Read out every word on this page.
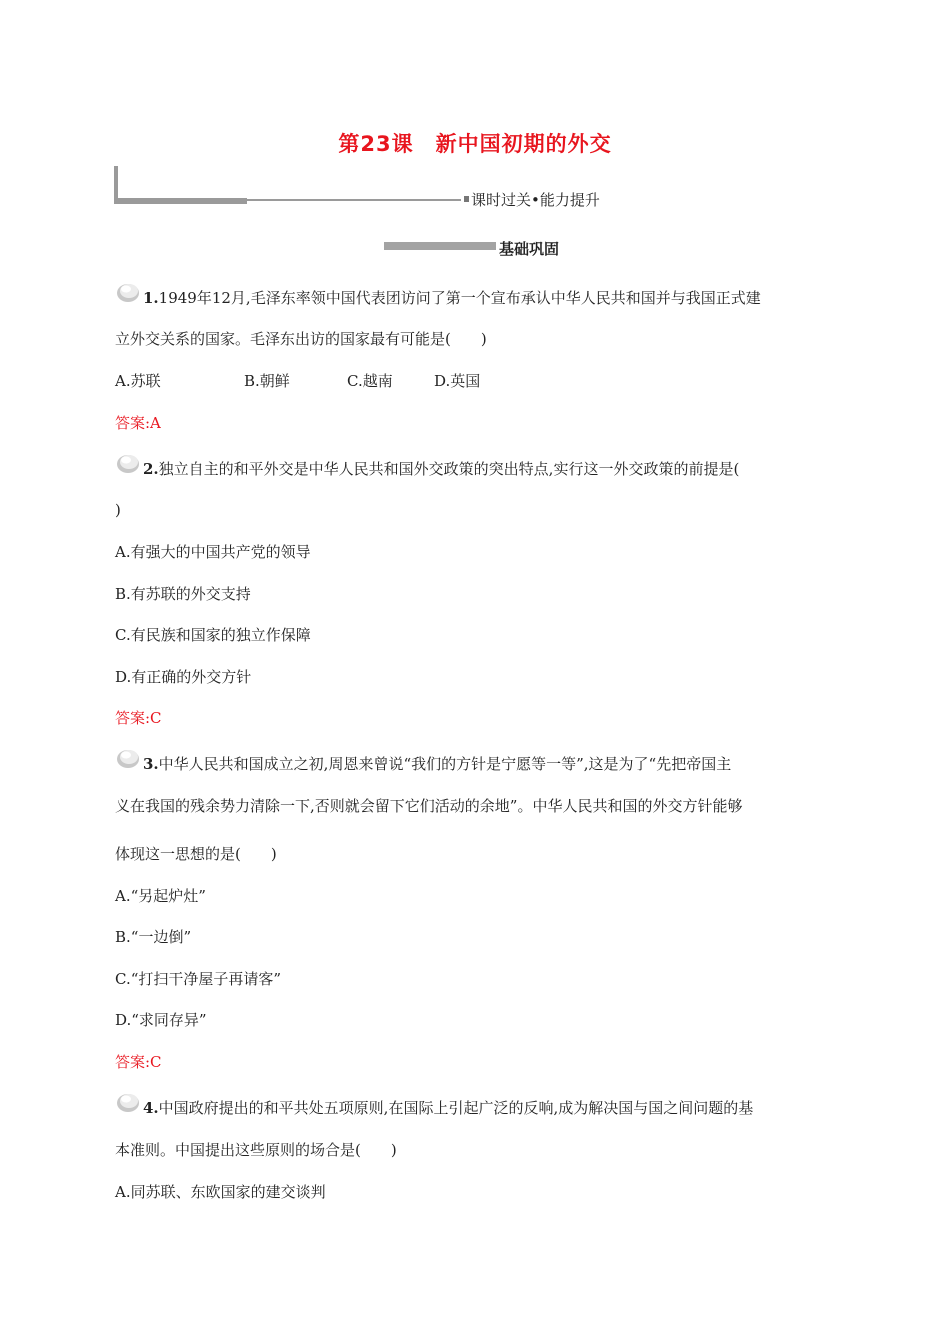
第23课　新中国初期的外交
课时过关•能力提升
基础巩固
1.1949年12月,毛泽东率领中国代表团访问了第一个宣布承认中华人民共和国并与我国正式建
立外交关系的国家。毛泽东出访的国家最有可能是(　　)
A.苏联	B.朝鲜	C.越南	D.英国
答案:A
2.独立自主的和平外交是中华人民共和国外交政策的突出特点,实行这一外交政策的前提是(
)
A.有强大的中国共产党的领导
B.有苏联的外交支持
C.有民族和国家的独立作保障
D.有正确的外交方针
答案:C
3.中华人民共和国成立之初,周恩来曾说“我们的方针是宁愿等一等”,这是为了“先把帝国主
义在我国的残余势力清除一下,否则就会留下它们活动的余地”。中华人民共和国的外交方针能够
体现这一思想的是(　　)
A.“另起炉灶”
B.“一边倒”
C.“打扫干净屋子再请客”
D.“求同存异”
答案:C
4.中国政府提出的和平共处五项原则,在国际上引起广泛的反响,成为解决国与国之间问题的基
本准则。中国提出这些原则的场合是(　　)
A.同苏联、东欧国家的建交谈判
